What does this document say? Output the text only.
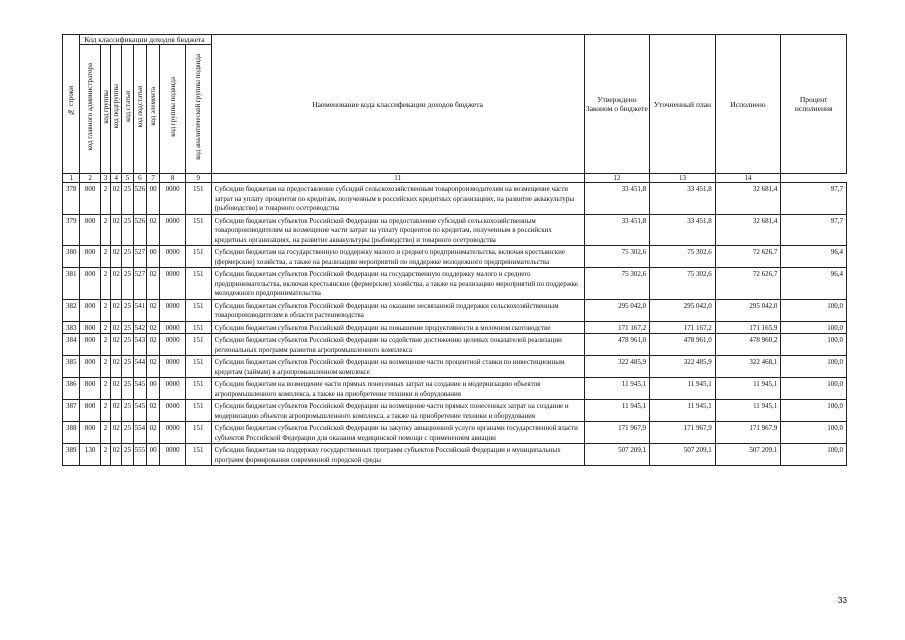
№ строки	Код классификации доходов бюджета								Наименование кода классификации доходов бюджета	Утверждено Законом о бюджете	Уточненный план	Исполнено	Процент исполнения
	код главного администратора	код группы	код подгруппы	код статьи	код подстатьи	код элемента	код группы подвида	код аналитической группы подвида					
1	2	3	4	5	6	7	8	9	11	12	13	14	
378	800	2	02	25	526	00	0000	151	Субсидии бюджетам на предоставление субсидий сельскохозяйственным товаропроизводителям на возмещение части затрат на уплату процентов по кредитам, полученным в российских кредитных организациях, на развитие аквакультуры (рыбоводство) и товарного осетроводства	33 451,8	33 451,8	32 681,4	97,7
379	800	2	02	25	526	02	0000	151	Субсидии бюджетам субъектов Российской Федерации на предоставление субсидий сельскохозяйственным товаропроизводителям на возмещение части затрат на уплату процентов по кредитам, полученным в российских кредитных организациях, на развитие аквакультуры (рыбоводство) и товарного осетроводства	33 451,8	33 451,8	32 681,4	97,7
380	800	2	02	25	527	00	0000	151	Субсидии бюджетам на государственную поддержку малого и среднего предпринимательства, включая крестьянские (фермерские) хозяйства, а также на реализацию мероприятий по поддержке молодежного предпринимательства	75 302,6	75 302,6	72 626,7	96,4
381	800	2	02	25	527	02	0000	151	Субсидии бюджетам субъектов Российской Федерации на государственную поддержку малого и среднего предпринимательства, включая крестьянские (фермерские) хозяйства, а также на реализацию мероприятий по поддержке молодежного предпринимательства	75 302,6	75 302,6	72 626,7	96,4
382	800	2	02	25	541	02	0000	151	Субсидии бюджетам субъектов Российской Федерации на оказание несвязанной поддержки сельскохозяйственным товаропроизводителям в области растениеводства	295 042,0	295 042,0	295 042,0	100,0
383	800	2	02	25	542	02	0000	151	Субсидии бюджетам субъектов Российской Федерации на повышение продуктивности в молочном скотоводстве	171 167,2	171 167,2	171 165,9	100,0
384	800	2	02	25	543	02	0000	151	Субсидии бюджетам субъектов Российской Федерации на содействие достижению целевых показателей реализации региональных программ развития агропромышленного комплекса	478 961,0	478 961,0	478 960,2	100,0
385	800	2	02	25	544	02	0000	151	Субсидии бюджетам субъектов Российской Федерации на возмещение части процентной ставки по инвестиционным кредитам (займам) в агропромышленном комплексе	322 485,9	322 485,9	322 468,1	100,0
386	800	2	02	25	545	00	0000	151	Субсидии бюджетам на возмещение части прямых понесенных затрат на создание и модернизацию объектов агропромышленного комплекса, а также на приобретение техники и оборудования	11 945,1	11 945,1	11 945,1	100,0
387	800	2	02	25	545	02	0000	151	Субсидии бюджетам субъектов Российской Федерации на возмещение части прямых понесенных затрат на создание и модернизацию объектов агропромышленного комплекса, а также на приобретение техники и оборудования	11 945,1	11 945,1	11 945,1	100,0
388	800	2	02	25	554	02	0000	151	Субсидии бюджетам субъектов Российской Федерации на закупку авиационной услуги органами государственной власти субъектов Российской Федерации для оказания медицинской помощи с применением авиации	171 967,9	171 967,9	171 967,9	100,0
389	130	2	02	25	555	00	0000	151	Субсидии бюджетам на поддержку государственных программ субъектов Российской Федерации и муниципальных программ формирования современной городской среды	507 209,1	507 209,1	507 209,1	100,0
33
